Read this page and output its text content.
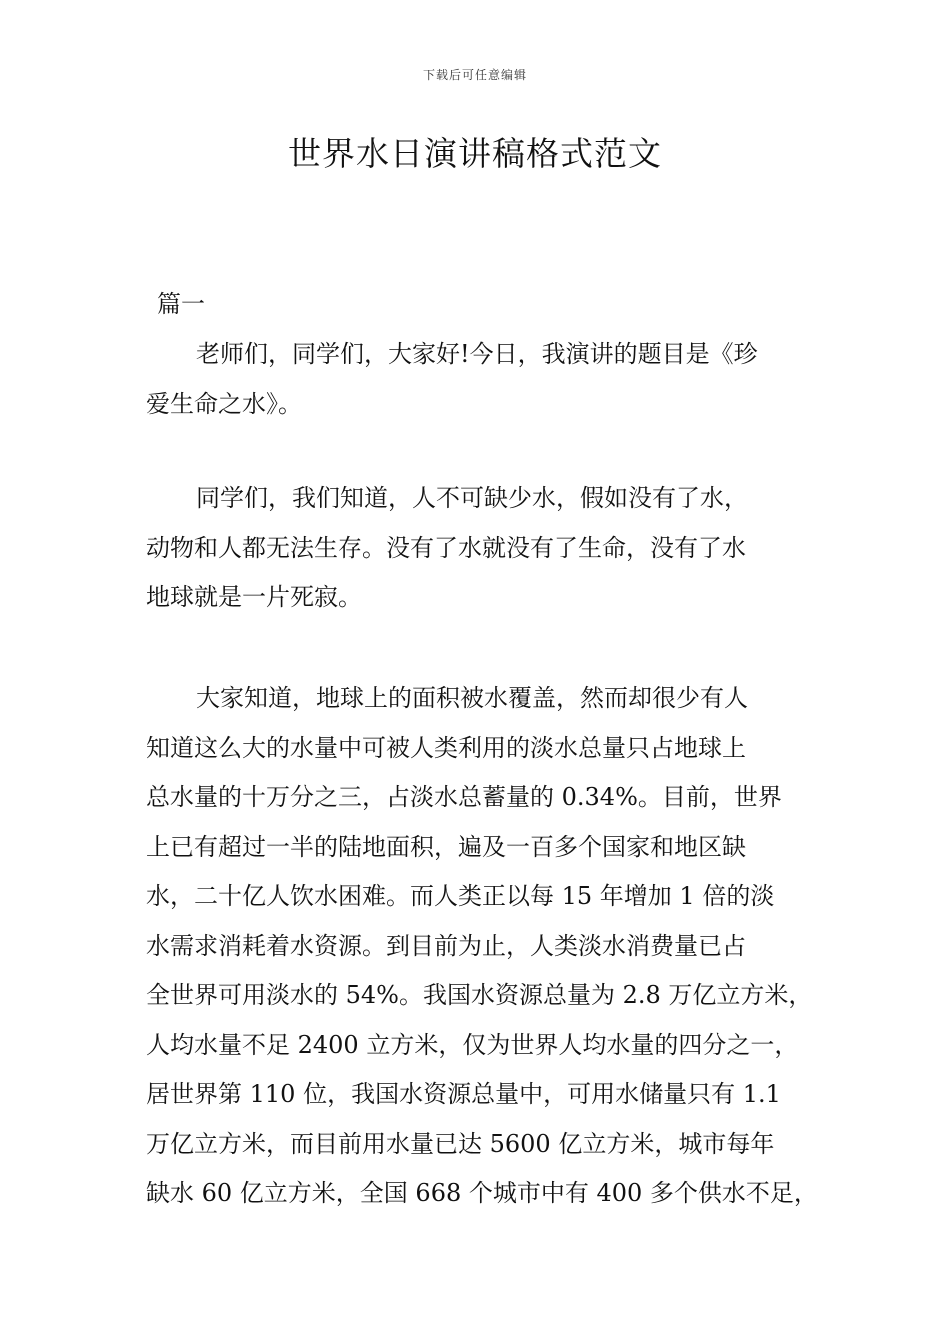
下载后可任意编辑
世界水日演讲稿格式范文
篇一

老师们，同学们，大家好!今日，我演讲的题目是《珍
爱生命之水》。

同学们，我们知道，人不可缺少水，假如没有了水，
动物和人都无法生存。没有了水就没有了生命，没有了水
地球就是一片死寂。

大家知道，地球上的面积被水覆盖，然而却很少有人
知道这么大的水量中可被人类利用的淡水总量只占地球上
总水量的十万分之三，占淡水总蓄量的 0.34%。目前，世界
上已有超过一半的陆地面积，遍及一百多个国家和地区缺
水，二十亿人饮水困难。而人类正以每 15 年增加 1 倍的淡
水需求消耗着水资源。到目前为止，人类淡水消费量已占
全世界可用淡水的 54%。我国水资源总量为 2.8 万亿立方米，
人均水量不足 2400 立方米，仅为世界人均水量的四分之一，
居世界第 110 位，我国水资源总量中，可用水储量只有 1.1
万亿立方米，而目前用水量已达 5600 亿立方米，城市每年
缺水 60 亿立方米，全国 668 个城市中有 400 多个供水不足，
